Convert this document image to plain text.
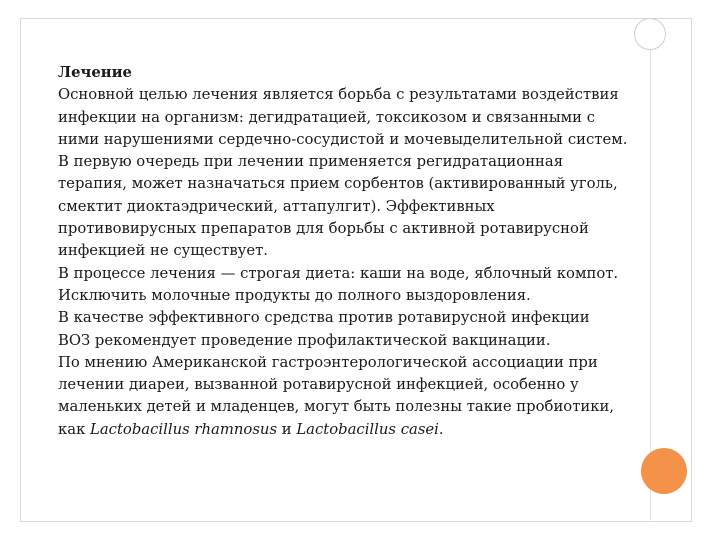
Лечение
Основной целью лечения является борьба с результатами воздействия
инфекции на организм: дегидратацией, токсикозом и связанными с
ними нарушениями сердечно-сосудистой и мочевыделительной систем.
В первую очередь при лечении применяется регидратационная
терапия, может назначаться прием сорбентов (активированный уголь,
смектит диоктаэдрический, аттапулгит). Эффективных
противовирусных препаратов для борьбы с активной ротавирусной
инфекцией не существует.
В процессе лечения — строгая диета: каши на воде, яблочный компот.
Исключить молочные продукты до полного выздоровления.
В качестве эффективного средства против ротавирусной инфекции
ВОЗ рекомендует проведение профилактической вакцинации.
По мнению Американской гастроэнтерологической ассоциации при
лечении диареи, вызванной ротавирусной инфекцией, особенно у
маленьких детей и младенцев, могут быть полезны такие пробиотики,
как Lactobacillus rhamnosus и Lactobacillus casei.
